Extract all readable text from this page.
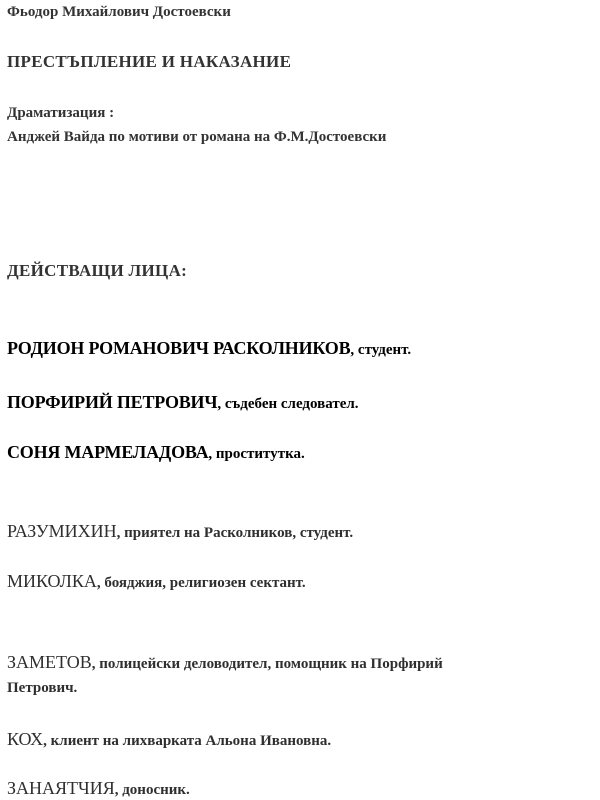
Фьодор Михайлович Достоевски
ПРЕСТЪПЛЕНИЕ И НАКАЗАНИЕ
Драматизация :
Анджей Вайда по мотиви от романа на Ф.М.Достоевски
ДЕЙСТВАЩИ ЛИЦА:
РОДИОН РОМАНОВИЧ РАСКОЛНИКОВ, студент.
ПОРФИРИЙ ПЕТРОВИЧ, съдебен следовател.
СОНЯ МАРМЕЛАДОВА, проститутка.
РАЗУМИХИН, приятел на Расколников, студент.
МИКОЛКА, бояджия, религиозен сектант.
ЗАМЕТОВ, полицейски деловодител, помощник на Порфирий
Петрович.
КОХ, клиент на лихварката Альона Ивановна.
ЗАНАЯТЧИЯ, доносник.
